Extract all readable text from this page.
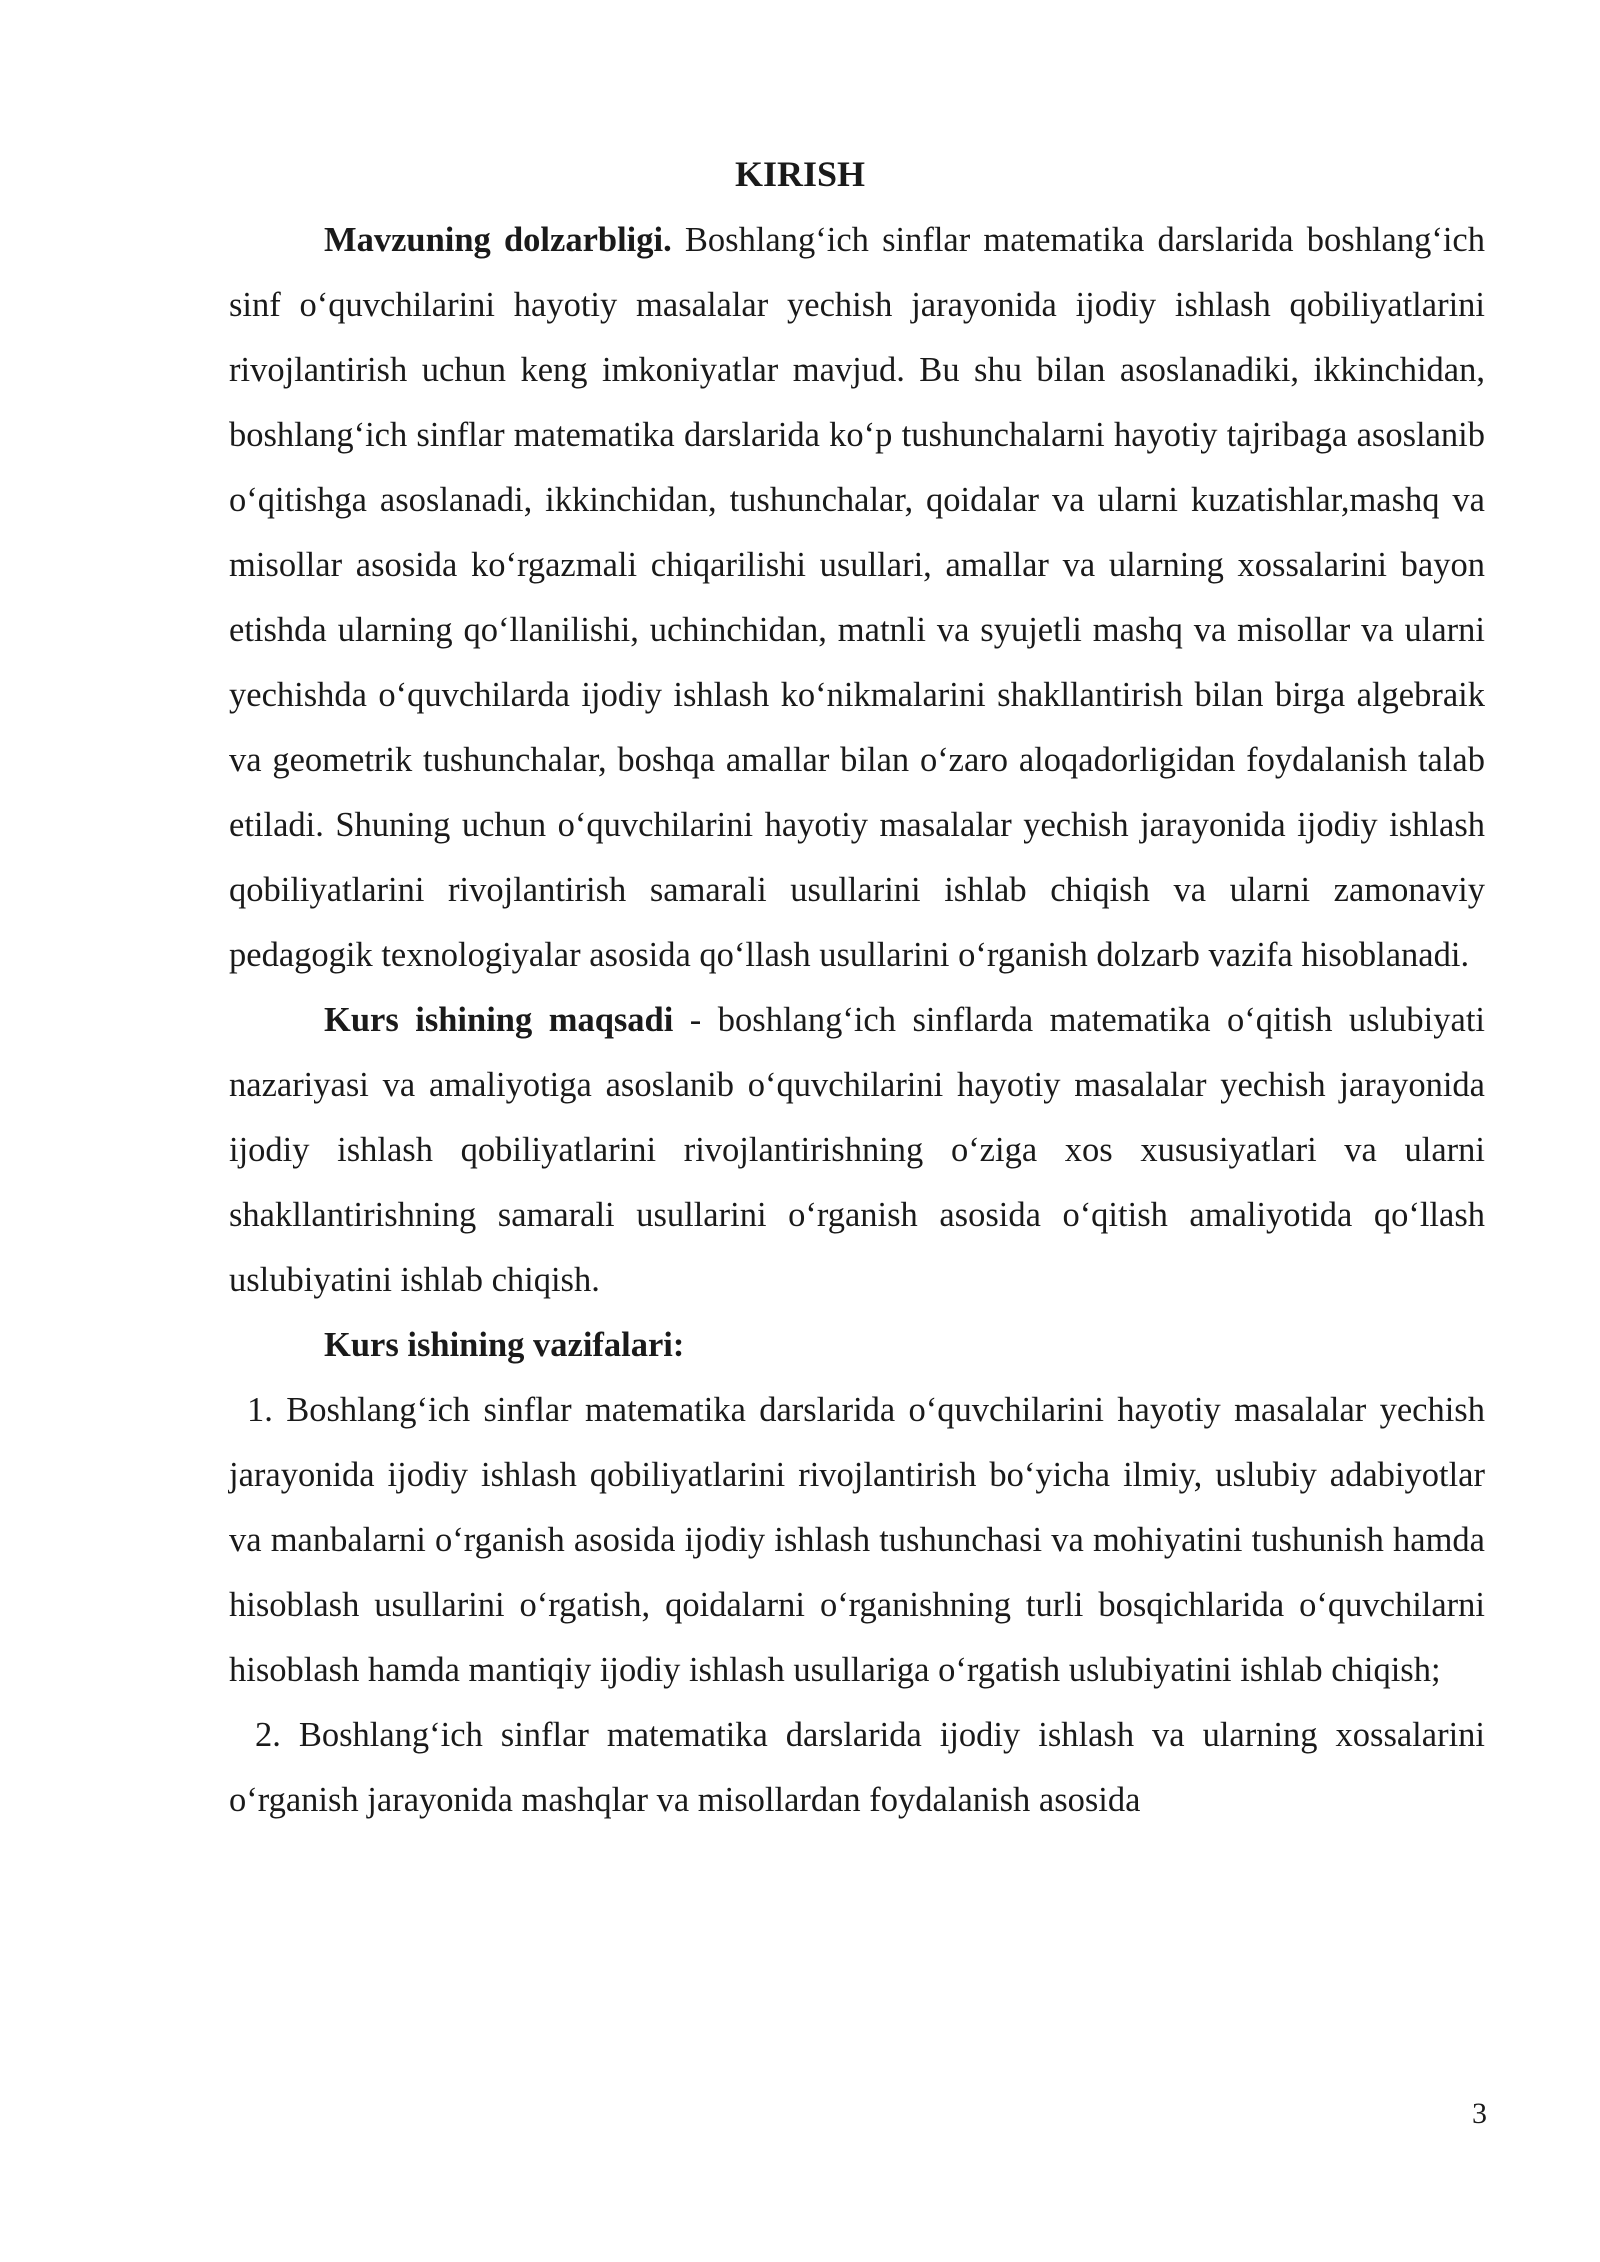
KIRISH

Mavzuning dolzarbligi. Boshlang‘ich sinflar matematika darslarida boshlang‘ich sinf o‘quvchilarini hayotiy masalalar yechish jarayonida ijodiy ishlash qobiliyatlarini rivojlantirish uchun keng imkoniyatlar mavjud. Bu shu bilan asoslanadiki, ikkinchidan, boshlang‘ich sinflar matematika darslarida ko‘p tushunchalarni hayotiy tajribaga asoslanib o‘qitishga asoslanadi, ikkinchidan, tushunchalar, qoidalar va ularni kuzatishlar,mashq va misollar asosida ko‘rgazmali chiqarilishi usullari, amallar va ularning xossalarini bayon etishda ularning qo‘llanilishi, uchinchidan, matnli va syujetli mashq va misollar va ularni yechishda o‘quvchilarda ijodiy ishlash ko‘nikmalarini shakllantirish bilan birga algebraik va geometrik tushunchalar, boshqa amallar bilan o‘zaro aloqadorligidan foydalanish talab etiladi. Shuning uchun o‘quvchilarini hayotiy masalalar yechish jarayonida ijodiy ishlash qobiliyatlarini rivojlantirish samarali usullarini ishlab chiqish va ularni zamonaviy pedagogik texnologiyalar asosida qo‘llash usullarini o‘rganish dolzarb vazifa hisoblanadi.

Kurs ishining maqsadi - boshlang‘ich sinflarda matematika o‘qitish uslubiyati nazariyasi va amaliyotiga asoslanib o‘quvchilarini hayotiy masalalar yechish jarayonida ijodiy ishlash qobiliyatlarini rivojlantirishning o‘ziga xos xususiyatlari va ularni shakllantirishning samarali usullarini o‘rganish asosida o‘qitish amaliyotida qo‘llash uslubiyatini ishlab chiqish.

Kurs ishining vazifalari:

1. Boshlang‘ich sinflar matematika darslarida o‘quvchilarini hayotiy masalalar yechish jarayonida ijodiy ishlash qobiliyatlarini rivojlantirish bo‘yicha ilmiy, uslubiy adabiyotlar va manbalarni o‘rganish asosida ijodiy ishlash tushunchasi va mohiyatini tushunish hamda hisoblash usullarini o‘rgatish, qoidalarni o‘rganishning turli bosqichlarida o‘quvchilarni hisoblash hamda mantiqiy ijodiy ishlash usullariga o‘rgatish uslubiyatini ishlab chiqish;

2. Boshlang‘ich sinflar matematika darslarida ijodiy ishlash va ularning xossalarini o‘rganish jarayonida mashqlar va misollardan foydalanish asosida

3
